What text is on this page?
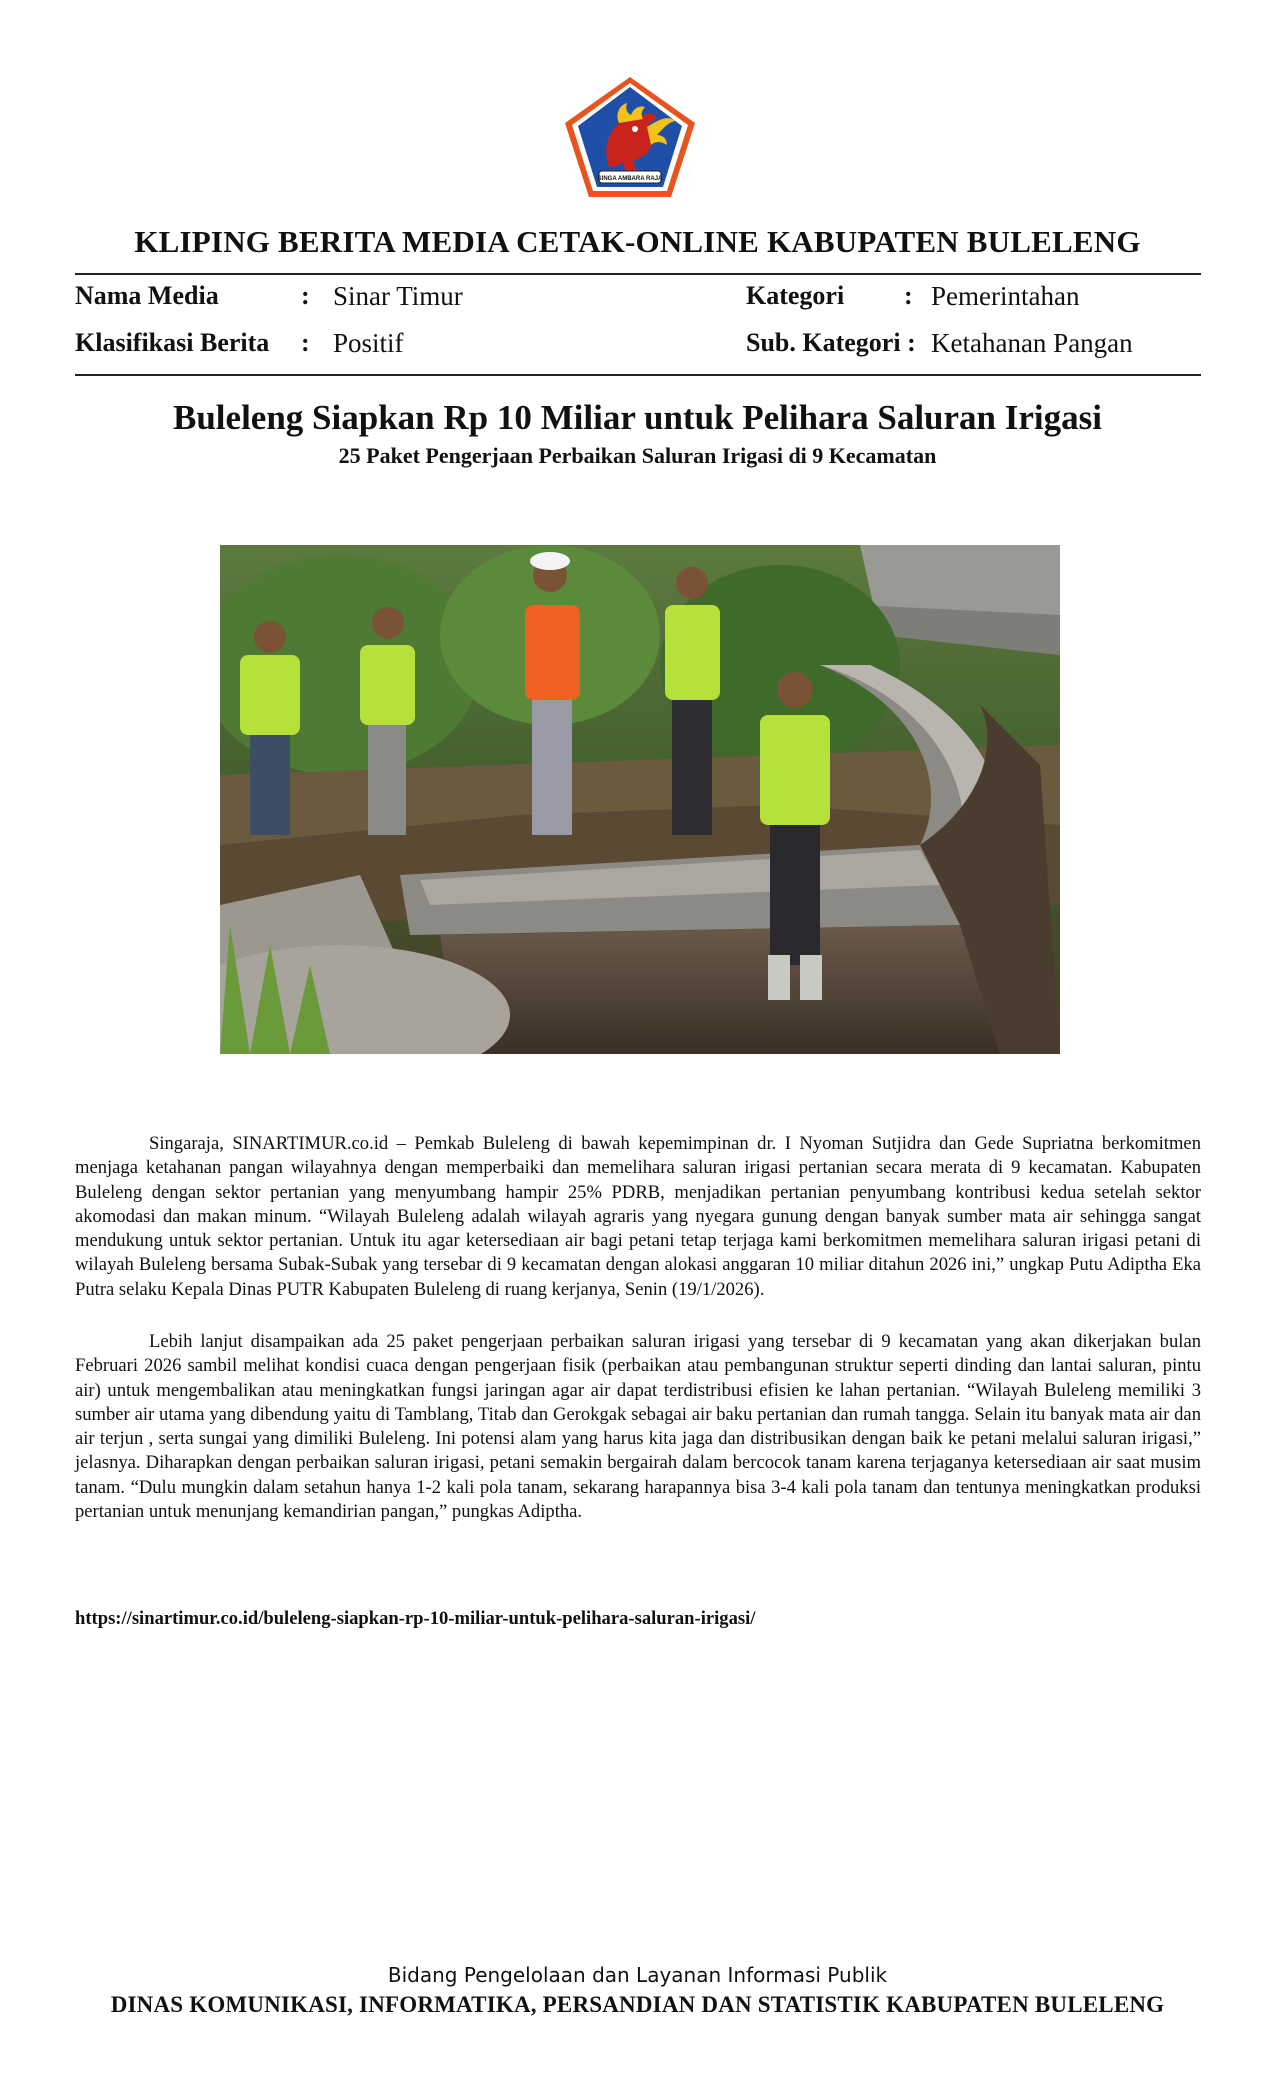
SINGA AMBARA RAJA
KLIPING BERITA MEDIA CETAK-ONLINE KABUPATEN BULELENG
Nama Media	: Sinar Timur	Kategori : Pemerintahan
Klasifikasi Berita : Positif	Sub. Kategori : Ketahanan Pangan
Buleleng Siapkan Rp 10 Miliar untuk Pelihara Saluran Irigasi
25 Paket Pengerjaan Perbaikan Saluran Irigasi di 9 Kecamatan

Singaraja, SINARTIMUR.co.id – Pemkab Buleleng di bawah kepemimpinan dr. I Nyoman Sutjidra dan Gede Supriatna berkomitmen menjaga ketahanan pangan wilayahnya dengan memperbaiki dan memelihara saluran irigasi pertanian secara merata di 9 kecamatan. Kabupaten Buleleng dengan sektor pertanian yang menyumbang hampir 25% PDRB, menjadikan pertanian penyumbang kontribusi kedua setelah sektor akomodasi dan makan minum. “Wilayah Buleleng adalah wilayah agraris yang nyegara gunung dengan banyak sumber mata air sehingga sangat mendukung untuk sektor pertanian. Untuk itu agar ketersediaan air bagi petani tetap terjaga kami berkomitmen memelihara saluran irigasi petani di wilayah Buleleng bersama Subak-Subak yang tersebar di 9 kecamatan dengan alokasi anggaran 10 miliar ditahun 2026 ini,” ungkap Putu Adiptha Eka Putra selaku Kepala Dinas PUTR Kabupaten Buleleng di ruang kerjanya, Senin (19/1/2026).

Lebih lanjut disampaikan ada 25 paket pengerjaan perbaikan saluran irigasi yang tersebar di 9 kecamatan yang akan dikerjakan bulan Februari 2026 sambil melihat kondisi cuaca dengan pengerjaan fisik (perbaikan atau pembangunan struktur seperti dinding dan lantai saluran, pintu air) untuk mengembalikan atau meningkatkan fungsi jaringan agar air dapat terdistribusi efisien ke lahan pertanian. “Wilayah Buleleng memiliki 3 sumber air utama yang dibendung yaitu di Tamblang, Titab dan Gerokgak sebagai air baku pertanian dan rumah tangga. Selain itu banyak mata air dan air terjun , serta sungai yang dimiliki Buleleng. Ini potensi alam yang harus kita jaga dan distribusikan dengan baik ke petani melalui saluran irigasi,” jelasnya. Diharapkan dengan perbaikan saluran irigasi, petani semakin bergairah dalam bercocok tanam karena terjaganya ketersediaan air saat musim tanam. “Dulu mungkin dalam setahun hanya 1-2 kali pola tanam, sekarang harapannya bisa 3-4 kali pola tanam dan tentunya meningkatkan produksi pertanian untuk menunjang kemandirian pangan,” pungkas Adiptha.

https://sinartimur.co.id/buleleng-siapkan-rp-10-miliar-untuk-pelihara-saluran-irigasi/
Bidang Pengelolaan dan Layanan Informasi Publik
DINAS KOMUNIKASI, INFORMATIKA, PERSANDIAN DAN STATISTIK KABUPATEN BULELENG
